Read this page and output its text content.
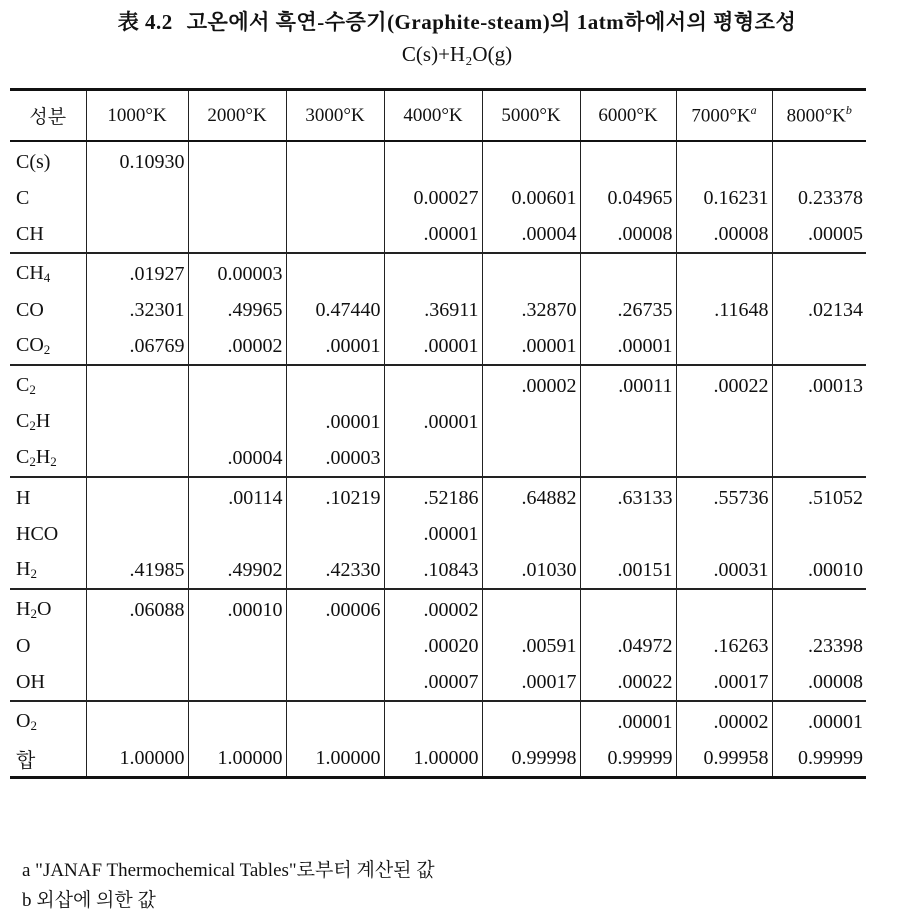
表 4.2 고온에서 흑연-수증기(Graphite-steam)의 1atm하에서의 평형조성
C(s)+H₂O(g)
성분	1000°K	2000°K	3000°K	4000°K	5000°K	6000°K	$7000^\circ K^a$	$8000^\circ K^b$
C(s)	0.10930							
C				0.00027	0.00601	0.04965	0.16231	0.23378
CH				.00001	.00004	.00008	.00008	.00005
$CH_4$	.01927	0.00003						
CO	.32301	.49965	0.47440	.36911	.32870	.26735	.11648	.02134
$CO_2$	.06769	.00002	.00001	.00001	.00001	.00001		
$C_2$					.00002	.00011	.00022	.00013
$C_2H$			.00001	.00001				
$C_2H_2$		.00004	.00003					
H		.00114	.10219	.52186	.64882	.63133	.55736	.51052
HCO				.00001				
$H_2$	.41985	.49902	.42330	.10843	.01030	.00151	.00031	.00010
$H_2O$	.06088	.00010	.00006	.00002				
O				.00020	.00591	.04972	.16263	.23398
OH				.00007	.00017	.00022	.00017	.00008
$O_2$						.00001	.00002	.00001
합	1.00000	1.00000	1.00000	1.00000	0.99998	0.99999	0.99958	0.99999
a "JANAF Thermochemical Tables"로부터 계산된 값
b 외삽에 의한 값
